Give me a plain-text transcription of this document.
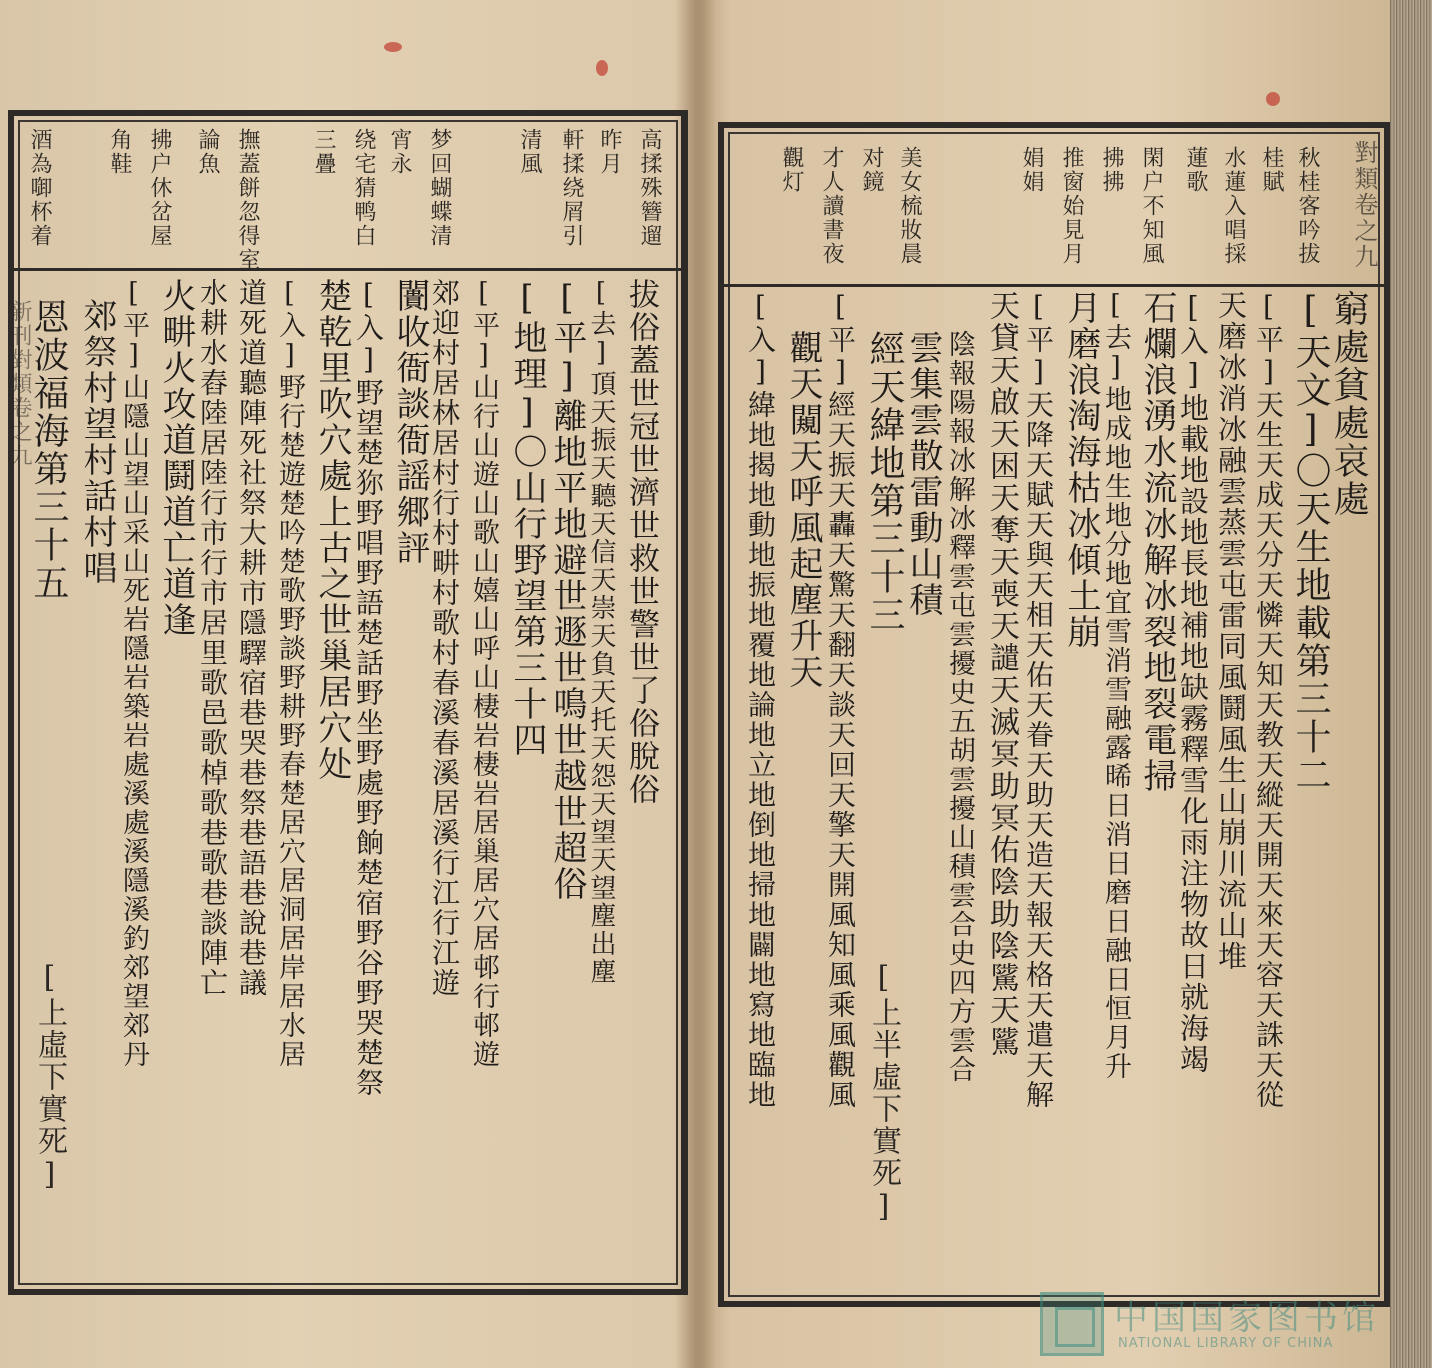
新刊對類卷之九
高揉殊簪遛
昨月
軒揉绕屑引
清風
梦回蝴蝶清
宵永
绕宅猜鸭白
三疊
撫蓋餅忽得室
論魚
拂户休岔屋
角鞋
酒為啣杯着
拔俗蓋世冠世濟世救世警世了俗脫俗
[去]頂天振天聽天信天崇天負天托天怨天望天望塵出塵
[平]離地平地避世遯世鳴世越世超俗
[地理]〇山行野望第三十四
[平]山行山遊山歌山嬉山呼山棲岩棲岩居巢居穴居邨行邨遊
郊迎村居林居村行村畊村歌村春溪春溪居溪行江行江遊
闠收衙談衙謡郷評
[入]野望楚狝野唱野語楚話野坐野處野餉楚宿野谷野哭楚祭
楚乾里吹穴處上古之世巢居穴处
[入]野行楚遊楚吟楚歌野談野耕野春楚居穴居洞居岸居水居
道死道聽陣死社祭大耕市隱驛宿巷哭巷祭巷語巷說巷議
水耕水舂陸居陸行市行市居里歌邑歌棹歌巷歌巷談陣亡
火畊火攻道鬪道亡道逢
[平]山隱山望山采山死岩隱岩築岩處溪處溪隱溪釣郊望郊丹
郊祭村望村話村唱
恩波福海第三十五
[上虛下實死]
對類卷之九
秋桂客吟拔
桂賦
水蓮入唱採
蓮歌
閑户不知風
拂拂
推窗始見月
娟娟
美女梳妝晨
对鏡
才人讀書夜
觀灯
窮處貧處哀處
[天文]〇天生地載第三十二
[平]天生天成天分天憐天知天教天縱天開天來天容天誅天從
天磨冰消冰融雲蒸雲屯雷同風鬪風生山崩川流山堆
[入]地載地設地長地補地缺霧釋雪化雨注物故日就海竭
石爛浪湧水流冰解冰裂地裂電掃
[去]地成地生地分地宜雪消雪融露晞日消日磨日融日恒月升
月磨浪淘海枯冰傾土崩
[平]天降天賦天與天相天佑天眷天助天造天報天格天遣天解
天貸天啟天困天奪天喪天譴天滅冥助冥佑陰助陰騭天騭
陰報陽報冰解冰釋雲屯雲擾史五胡雲擾山積雲合史四方雲合
雲集雲散雷動山積
經天緯地第三十三
[平]經天振天轟天驚天翻天談天回天擎天開風知風乘風觀風
觀天闚天呼風起塵升天
[入]緯地揭地動地振地覆地論地立地倒地掃地闢地寫地臨地	[上半虛下實死]
中国国家图书馆
NATIONAL LIBRARY OF CHINA
